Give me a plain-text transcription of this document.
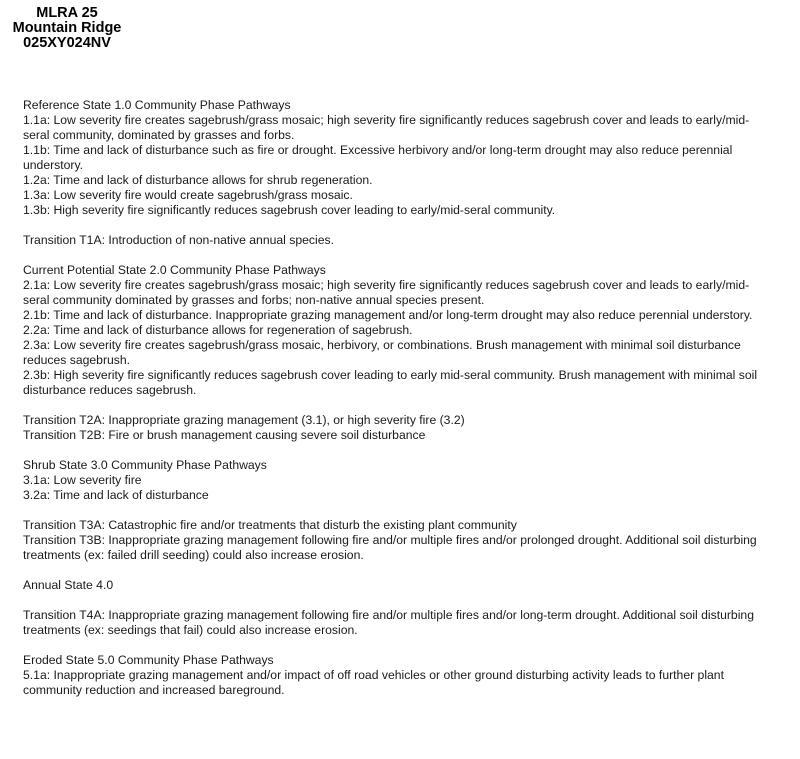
MLRA 25
Mountain Ridge
025XY024NV
Reference State 1.0 Community Phase Pathways
1.1a: Low severity fire creates sagebrush/grass mosaic; high severity fire significantly reduces sagebrush cover and leads to early/mid-
seral community, dominated by grasses and forbs.
1.1b: Time and lack of disturbance such as fire or drought. Excessive herbivory and/or long-term drought may also reduce perennial
understory.
1.2a: Time and lack of disturbance allows for shrub regeneration.
1.3a: Low severity fire would create sagebrush/grass mosaic.
1.3b: High severity fire significantly reduces sagebrush cover leading to early/mid-seral community.
Transition T1A: Introduction of non-native annual species.
Current Potential State 2.0 Community Phase Pathways
2.1a: Low severity fire creates sagebrush/grass mosaic; high severity fire significantly reduces sagebrush cover and leads to early/mid-
seral community dominated by grasses and forbs; non-native annual species present.
2.1b: Time and lack of disturbance. Inappropriate grazing management and/or long-term drought may also reduce perennial understory.
2.2a: Time and lack of disturbance allows for regeneration of sagebrush.
2.3a: Low severity fire creates sagebrush/grass mosaic, herbivory, or combinations. Brush management with minimal soil disturbance
reduces sagebrush.
2.3b: High severity fire significantly reduces sagebrush cover leading to early mid-seral community. Brush management with minimal soil
disturbance reduces sagebrush.
Transition T2A: Inappropriate grazing management (3.1), or high severity fire (3.2)
Transition T2B: Fire or brush management causing severe soil disturbance
Shrub State 3.0 Community Phase Pathways
3.1a: Low severity fire
3.2a: Time and lack of disturbance
Transition T3A: Catastrophic fire and/or treatments that disturb the existing plant community
Transition T3B: Inappropriate grazing management following fire and/or multiple fires and/or prolonged drought. Additional soil disturbing
treatments (ex: failed drill seeding) could also increase erosion.
Annual State 4.0
Transition T4A: Inappropriate grazing management following fire and/or multiple fires and/or long-term drought. Additional soil disturbing
treatments (ex: seedings that fail) could also increase erosion.
Eroded State 5.0 Community Phase Pathways
5.1a: Inappropriate grazing management and/or impact of off road vehicles or other ground disturbing activity leads to further plant
community reduction and increased bareground.
